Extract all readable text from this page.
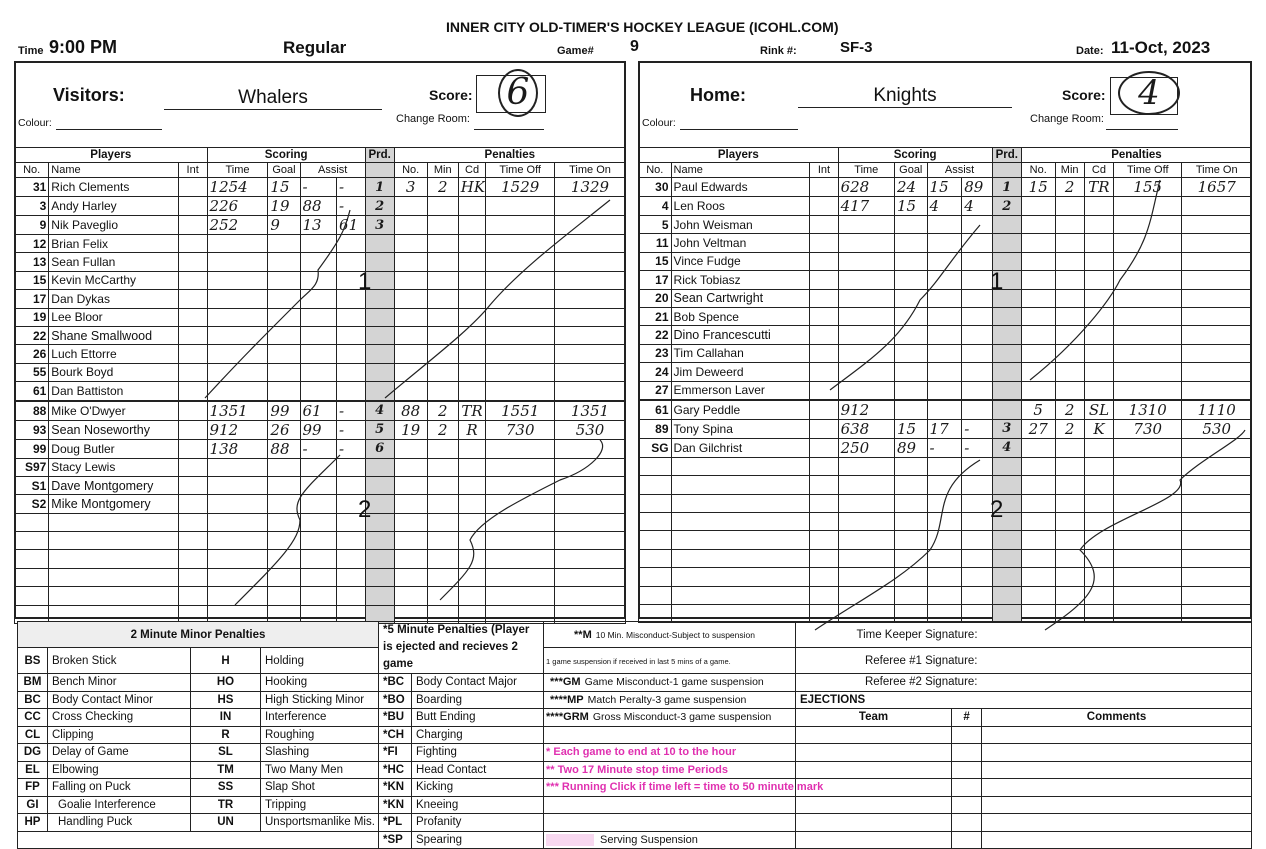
INNER CITY OLD-TIMER'S HOCKEY LEAGUE (ICOHL.COM)
Time 9:00 PM	Regular	Game# 9	Rink #:	SF-3	Date: 11-Oct, 2023
Visitors:	Whalers	Score: 6
Colour:	Change Room:
Home:	Knights	Score: 4
Colour:	Change Room:
Players			Scoring				Prd.	Penalties				
No.	Name	Int	Time	Goal	Assist			No.	Min	Cd	Time Off	Time On
31	Rich Clements		1254	15	-	-	1	3	2	HK	1529	1329
3	Andy Harley		226	19	88	-	2					
9	Nik Paveglio		252	9	13	61	3					
12	Brian Felix											
13	Sean Fullan											
15	Kevin McCarthy											
17	Dan Dykas											
19	Lee Bloor											
22	Shane Smallwood											
26	Luch Ettorre											
55	Bourk Boyd											
61	Dan Battiston											
88	Mike O'Dwyer		1351	99	61	-	4	88	2	TR	1551	1351
93	Sean Noseworthy		912	26	99	-	5	19	2	R	730	530
99	Doug Butler		138	88	-	-	6					
S97	Stacy Lewis											
S1	Dave Montgomery											
S2	Mike Montgomery											

Players			Scoring				Prd.	Penalties				
No.	Name	Int	Time	Goal	Assist			No.	Min	Cd	Time Off	Time On
30	Paul Edwards		628	24	15	89	1	15	2	TR	155	1657
4	Len Roos		417	15	4	4	2					
5	John Weisman											
11	John Veltman											
15	Vince Fudge											
17	Rick Tobiasz											
20	Sean Cartwright											
21	Bob Spence											
22	Dino Francescutti											
23	Tim Callahan											
24	Jim Deweerd											
27	Emmerson Laver											
61	Gary Peddle		912					5	2	SL	1310	1110
89	Tony Spina		638	15	17	-	3	27	2	K	730	530
SG	Dan Gilchrist		250	89	-	-	4					

1
2
1
2
2 Minute Minor Penalties				*5 Minute Penalties (Player is ejected and recieves 2 game		**M 10 Min. Misconduct-Subject to suspension	Time Keeper Signature:		
BS	Broken Stick	H	Holding			1 game suspension if received in last 5 mins of a game.	Referee #1 Signature:		
BM	Bench Minor	HO	Hooking	*BC	Body Contact Major	***GM Game Misconduct-1 game suspension	Referee #2 Signature:		
BC	Body Contact Minor	HS	High Sticking Minor	*BO	Boarding	****MP Match Peralty-3 game suspension	EJECTIONS		
CC	Cross Checking	IN	Interference	*BU	Butt Ending	****GRM Gross Misconduct-3 game suspension	Team	#	Comments
CL	Clipping	R	Roughing	*CH	Charging				
DG	Delay of Game	SL	Slashing	*FI	Fighting	* Each game to end at 10 to the hour			
EL	Elbowing	TM	Two Many Men	*HC	Head Contact	** Two 17 Minute stop time Periods			
FP	Falling on Puck	SS	Slap Shot	*KN	Kicking	*** Running Click if time left = time to 50 minute mark			
GI	Goalie Interference	TR	Tripping	*KN	Kneeing				
HP	Handling Puck	UN	Unsportsmanlike Mis.	*PL	Profanity				
				*SP	Spearing	Serving Suspension			
